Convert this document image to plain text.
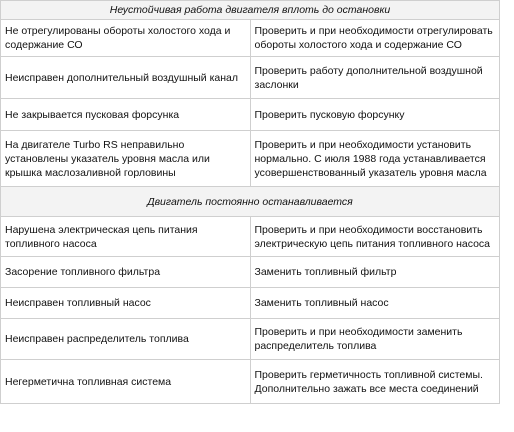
Неустойчивая работа двигателя вплоть до остановки	
Не отрегулированы обороты холостого хода и содержание СО	Проверить и при необходимости отрегулировать обороты холостого хода и содержание СО
Неисправен дополнительный воздушный канал	Проверить работу дополнительной воздушной заслонки
Не закрывается пусковая форсунка	Проверить пусковую форсунку
На двигателе Turbo RS неправильно установлены указатель уровня масла или крышка маслозаливной горловины	Проверить и при необходимости установить нормально. С июля 1988 года устанавливается усовершенствованный указатель уровня масла
Двигатель постоянно останавливается	
Нарушена электрическая цепь питания топливного насоса	Проверить и при необходимости восстановить электрическую цепь питания топливного насоса
Засорение топливного фильтра	Заменить топливный фильтр
Неисправен топливный насос	Заменить топливный насос
Неисправен распределитель топлива	Проверить и при необходимости заменить распределитель топлива
Негерметична топливная система	Проверить герметичность топливной системы. Дополнительно зажать все места соединений
